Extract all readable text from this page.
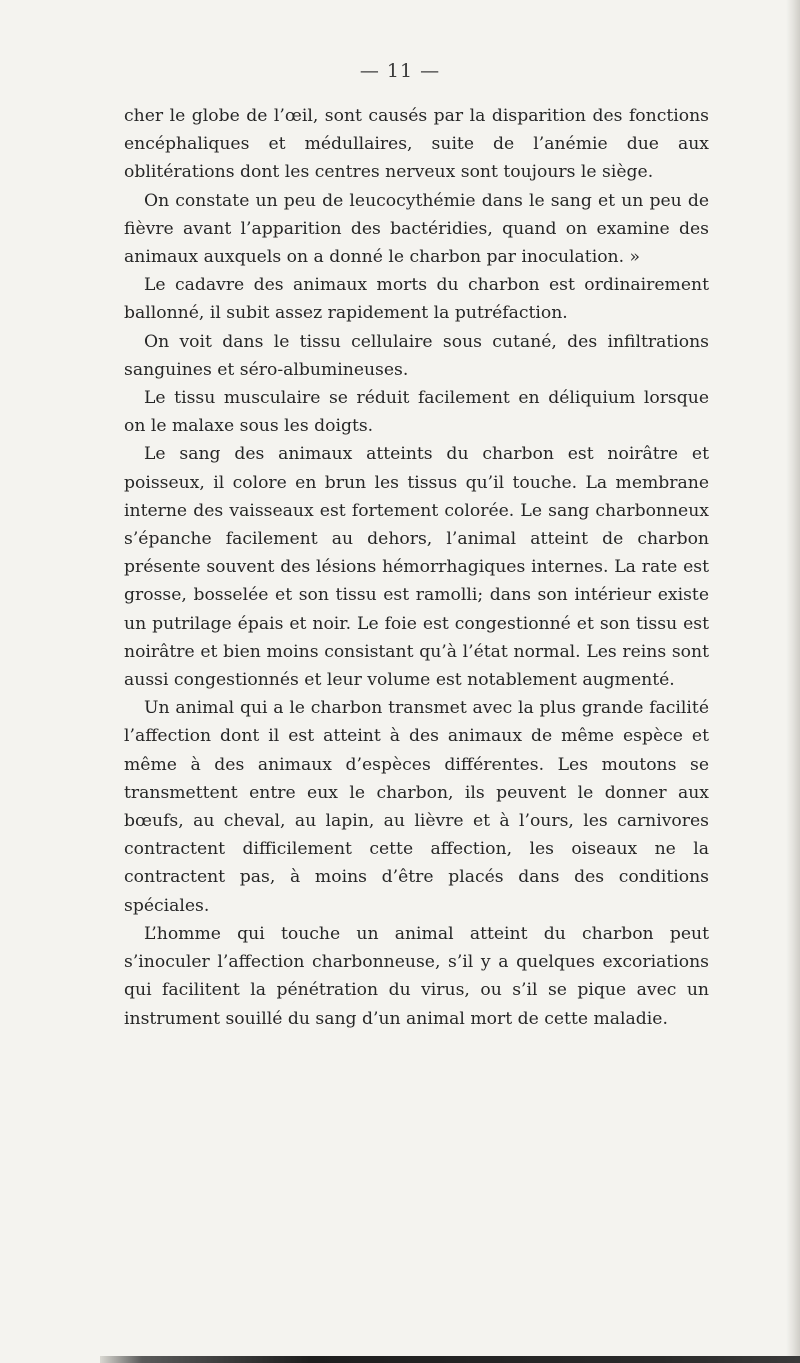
— 11 —

cher le globe de l’œil, sont causés par la disparition des fonctions encéphaliques et médullaires, suite de l’anémie due aux oblitérations dont les centres nerveux sont toujours le siège.

On constate un peu de leucocythémie dans le sang et un peu de fièvre avant l’apparition des bactéridies, quand on examine des animaux auxquels on a donné le charbon par inoculation. »

Le cadavre des animaux morts du charbon est ordinairement ballonné, il subit assez rapidement la putréfaction.

On voit dans le tissu cellulaire sous cutané, des infiltrations sanguines et séro-albumineuses.

Le tissu musculaire se réduit facilement en déliquium lorsque on le malaxe sous les doigts.

Le sang des animaux atteints du charbon est noirâtre et poisseux, il colore en brun les tissus qu’il touche. La membrane interne des vaisseaux est fortement colorée. Le sang charbonneux s’épanche facilement au dehors, l’animal atteint de charbon présente souvent des lésions hémorrhagiques internes. La rate est grosse, bosselée et son tissu est ramolli; dans son intérieur existe un putrilage épais et noir. Le foie est congestionné et son tissu est noirâtre et bien moins consistant qu’à l’état normal. Les reins sont aussi congestionnés et leur volume est notablement augmenté.

Un animal qui a le charbon transmet avec la plus grande facilité l’affection dont il est atteint à des animaux de même espèce et même à des animaux d’espèces différentes. Les moutons se transmettent entre eux le charbon, ils peuvent le donner aux bœufs, au cheval, au lapin, au lièvre et à l’ours, les carnivores contractent difficilement cette affection, les oiseaux ne la contractent pas, à moins d’être placés dans des conditions spéciales.

L’homme qui touche un animal atteint du charbon peut s’inoculer l’affection charbonneuse, s’il y a quelques excoriations qui facilitent la pénétration du virus, ou s’il se pique avec un instrument souillé du sang d’un animal mort de cette maladie.
